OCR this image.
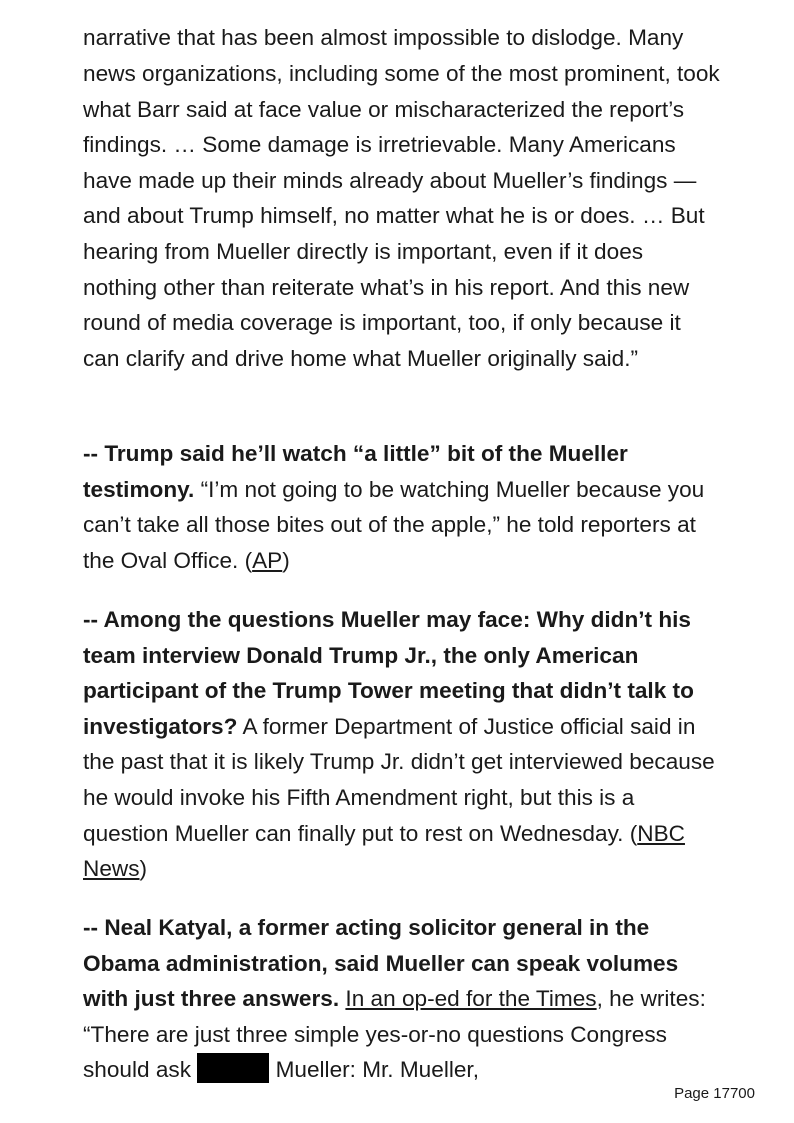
narrative that has been almost impossible to dislodge. Many

news organizations, including some of the most prominent, took what Barr said at face value or mischaracterized the report’s findings. … Some damage is irretrievable. Many Americans have made up their minds already about Mueller’s findings — and about Trump himself, no matter what he is or does. … But hearing from Mueller directly is important, even if it does nothing other than reiterate what’s in his report. And this new round of media coverage is important, too, if only because it can clarify and drive home what Mueller originally said.”

-- Trump said he’ll watch “a little” bit of the Mueller testimony. “I’m not going to be watching Mueller because you can’t take all those bites out of the apple,” he told reporters at the Oval Office. (AP)

-- Among the questions Mueller may face: Why didn’t his team interview Donald Trump Jr., the only American participant of the Trump Tower meeting that didn’t talk to investigators? A former Department of Justice official said in the past that it is likely Trump Jr. didn’t get interviewed because he would invoke his Fifth Amendment right, but this is a question Mueller can finally put to rest on Wednesday. (NBC News)

-- Neal Katyal, a former acting solicitor general in the Obama administration, said Mueller can speak volumes with just three answers. In an op-ed for the Times, he writes: “There are just three simple yes-or-no questions Congress should ask	Mueller: Mr. Mueller,

Page 17700
